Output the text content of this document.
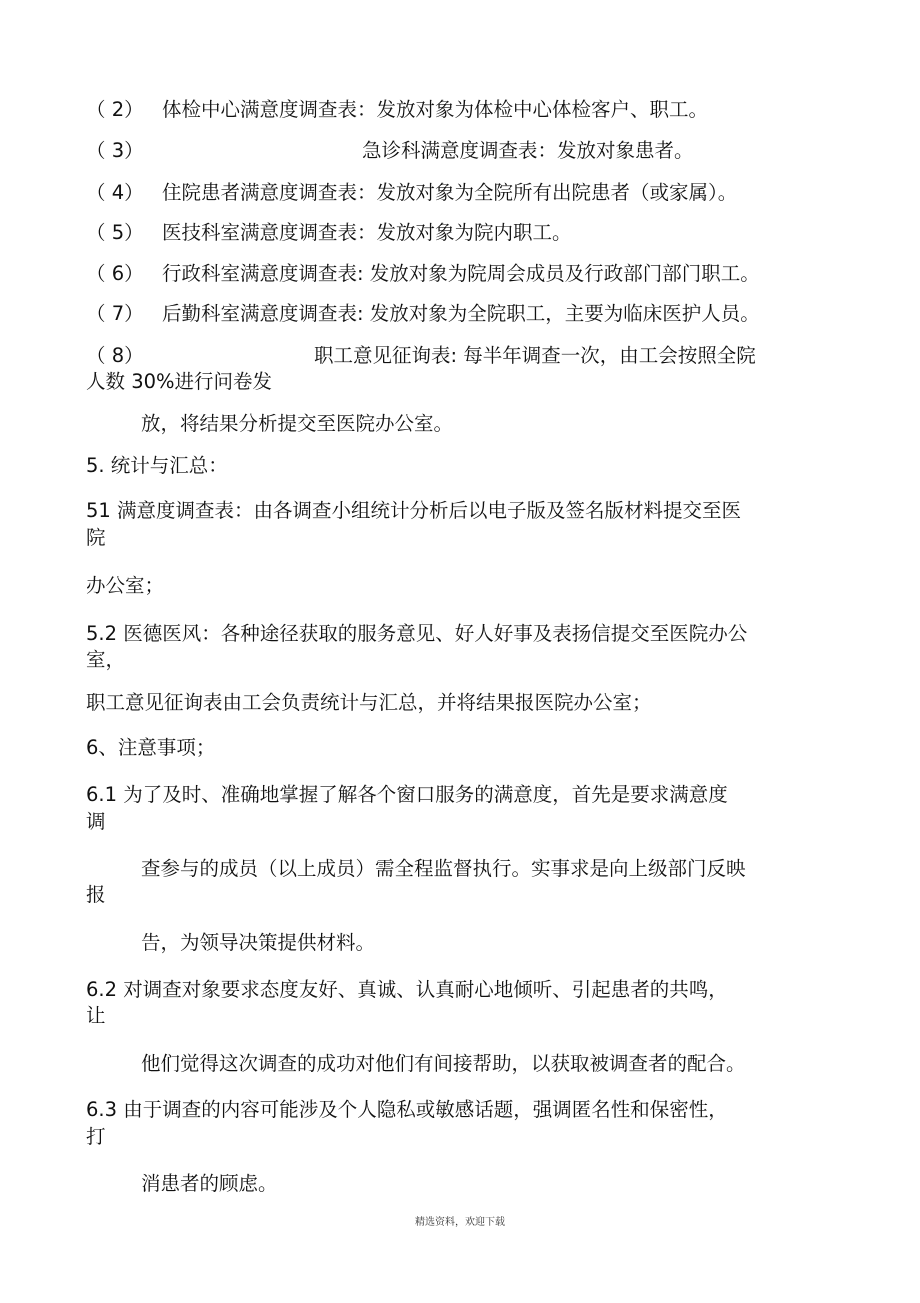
（ 2） 体检中心满意度调查表：发放对象为体检中心体检客户、职工。
（ 3）	急诊科满意度调查表：发放对象患者。
（ 4） 住院患者满意度调查表：发放对象为全院所有出院患者（或家属）。
（ 5） 医技科室满意度调查表：发放对象为院内职工。
（ 6） 行政科室满意度调查表: 发放对象为院周会成员及行政部门部门职工。
（ 7） 后勤科室满意度调查表: 发放对象为全院职工，主要为临床医护人员。
（ 8）	职工意见征询表: 每半年调查一次，由工会按照全院
人数 30%进行问卷发
放，将结果分析提交至医院办公室。
5. 统计与汇总：
51 满意度调查表：由各调查小组统计分析后以电子版及签名版材料提交至医
院
办公室；
5.2 医德医风：各种途径获取的服务意见、好人好事及表扬信提交至医院办公
室，
职工意见征询表由工会负责统计与汇总，并将结果报医院办公室；
6、注意事项；
6.1 为了及时、准确地掌握了解各个窗口服务的满意度，首先是要求满意度
调
查参与的成员（以上成员）需全程监督执行。实事求是向上级部门反映
报
告，为领导决策提供材料。
6.2 对调查对象要求态度友好、真诚、认真耐心地倾听、引起患者的共鸣，
让
他们觉得这次调查的成功对他们有间接帮助，以获取被调查者的配合。
6.3 由于调查的内容可能涉及个人隐私或敏感话题，强调匿名性和保密性，
打
消患者的顾虑。
精选资料，欢迎下载
